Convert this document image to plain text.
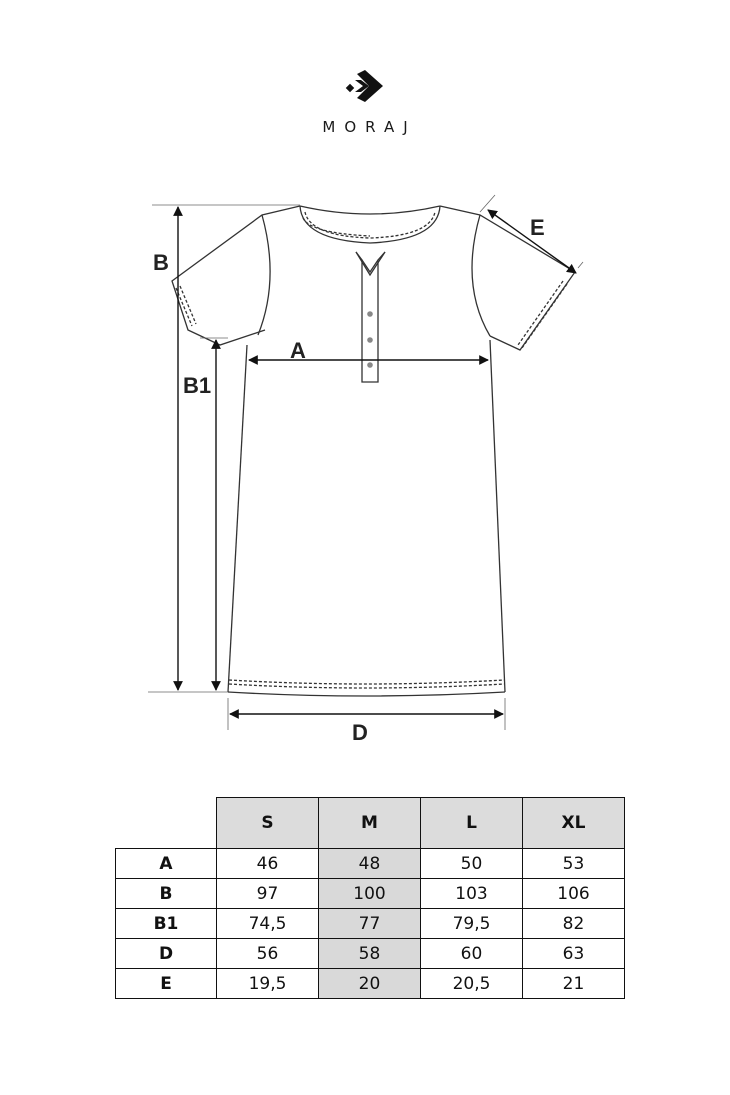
MORAJ
B
B1
A
D
E
	S	M	L	XL
A	46	48	50	53
B	97	100	103	106
B1	74,5	77	79,5	82
D	56	58	60	63
E	19,5	20	20,5	21
